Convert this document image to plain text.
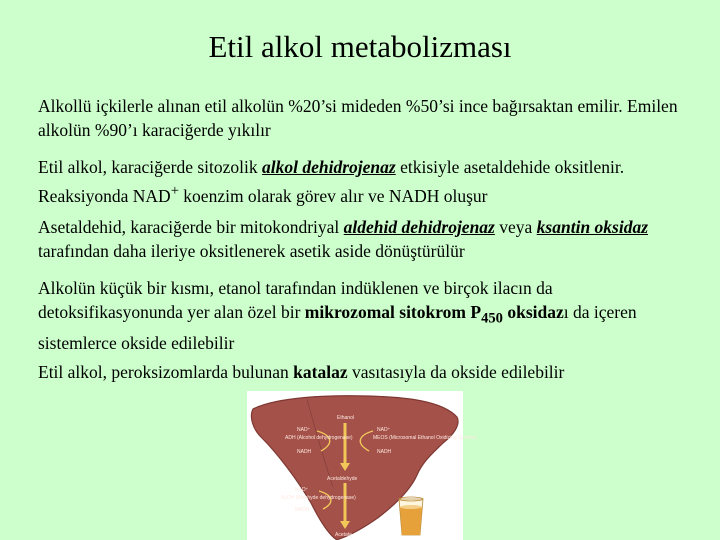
Etil alkol metabolizması
Alkollü içkilerle alınan etil alkolün %20’si mideden %50’si ince bağırsaktan emilir. Emilen alkolün %90’ı karaciğerde yıkılır
Etil alkol, karaciğerde sitozolik alkol dehidrojenaz etkisiyle asetaldehide oksitlenir. Reaksiyonda NAD+ koenzim olarak görev alır ve NADH oluşur
Asetaldehid, karaciğerde bir mitokondriyal aldehid dehidrojenaz veya ksantin oksidaz tarafından daha ileriye oksitlenerek asetik aside dönüştürülür
Alkolün küçük bir kısmı, etanol tarafından indüklenen ve birçok ilacın da detoksifikasyonunda yer alan özel bir mikrozomal sitokrom $P_{450}$ oksidazı da içeren sistemlerce okside edilebilir
Etil alkol, peroksizomlarda bulunan katalaz vasıtasıyla da okside edilebilir
Ethanol
NAD⁺
ADH (Alcohol dehydrogenase)
NADH
NAD⁺
MEOS (Microsomal Ethanol Oxidizing System)
NADH
Acetaldehyde
NAD⁺
ALDH (Aldehyde dehydrogenase)
NADH
Acetate
